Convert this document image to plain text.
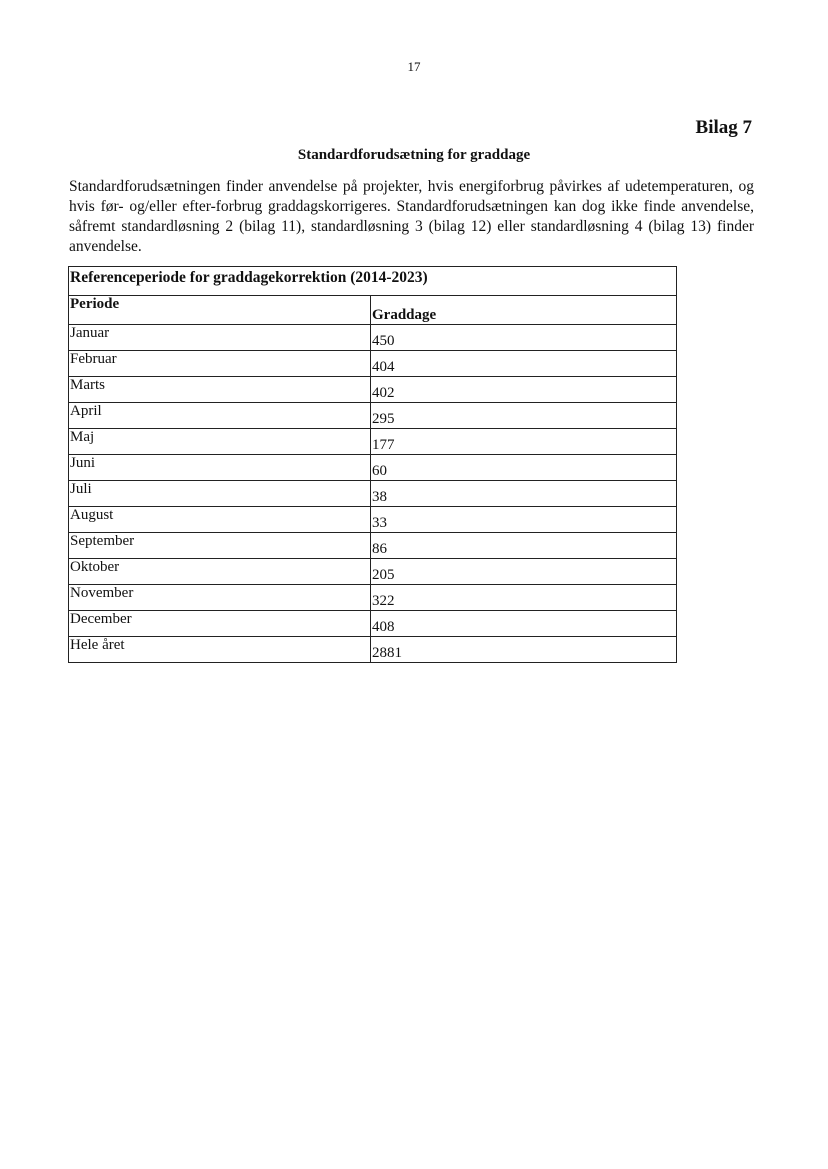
17
Bilag 7
Standardforudsætning for graddage

Standardforudsætningen finder anvendelse på projekter, hvis energiforbrug påvirkes af udetemperaturen, og hvis før- og/eller efter-forbrug graddagskorrigeres. Standardforudsætningen kan dog ikke finde anvendelse, såfremt standardløsning 2 (bilag 11), standardløsning 3 (bilag 12) eller standardløsning 4 (bilag 13) finder anvendelse.

Referenceperiode for graddagekorrektion (2014-2023)	
Periode	Graddage
Januar	450
Februar	404
Marts	402
April	295
Maj	177
Juni	60
Juli	38
August	33
September	86
Oktober	205
November	322
December	408
Hele året	2881
